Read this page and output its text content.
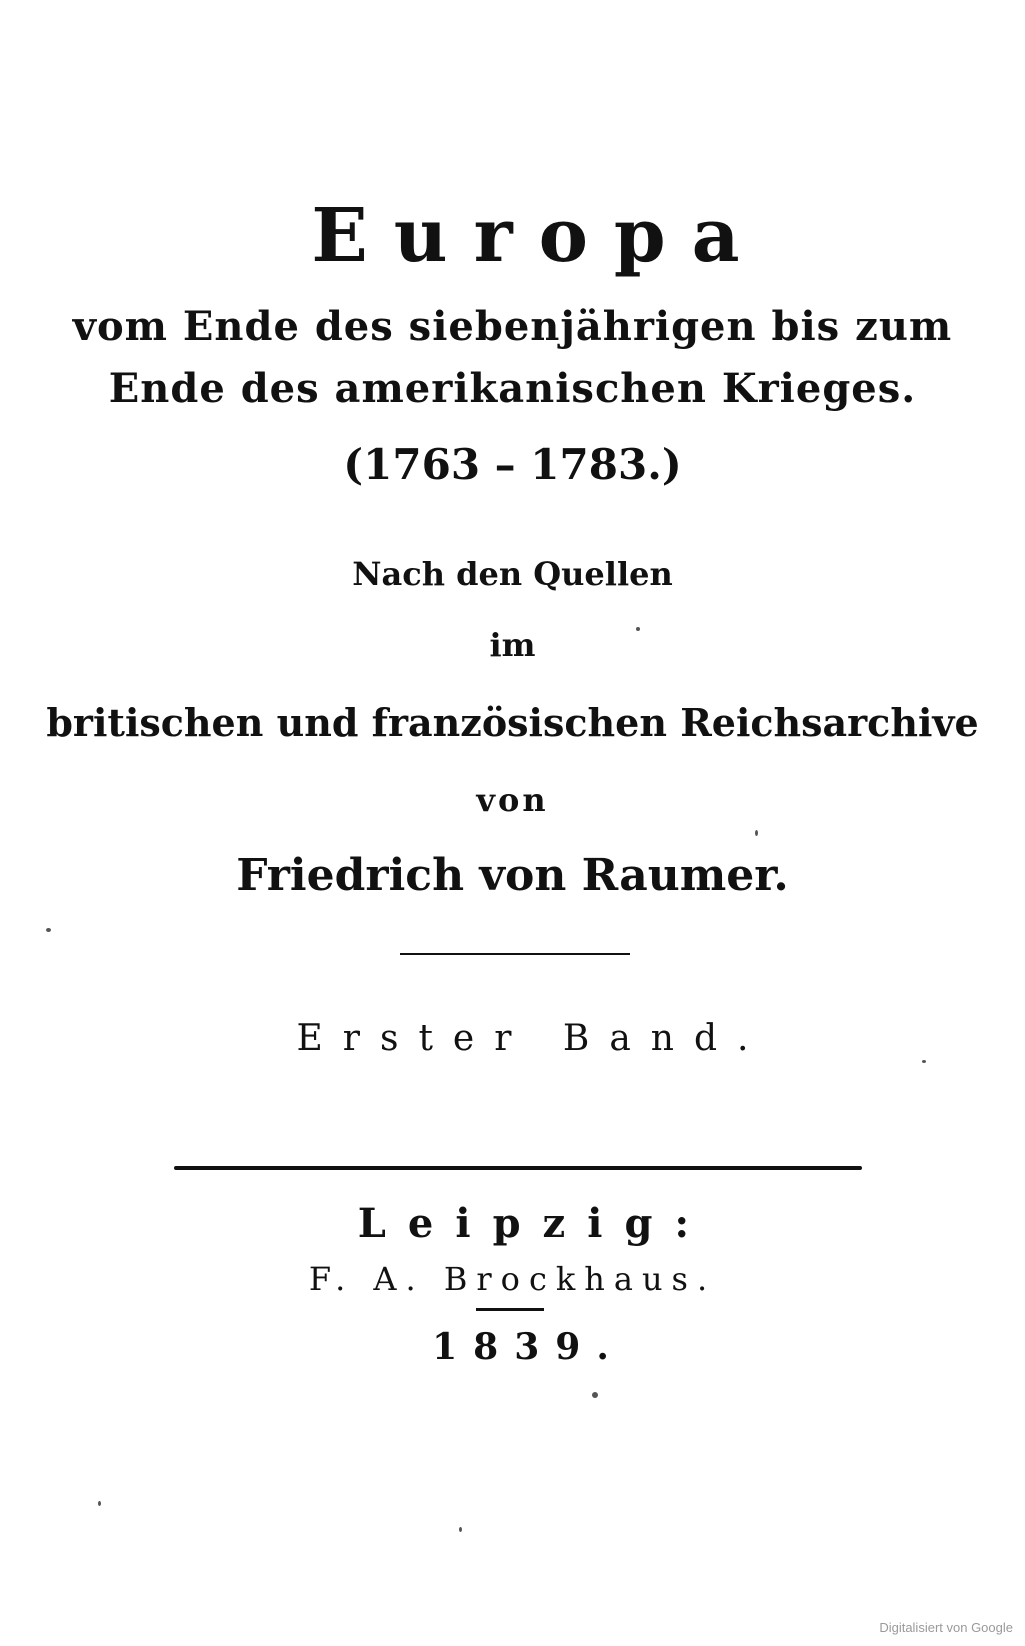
Europa
vom Ende des siebenjährigen bis zum
Ende des amerikanischen Krieges.
(1763 – 1783.)
Nach den Quellen
im
britischen und französischen Reichsarchive
von
Friedrich von Raumer.
Erster Band.
Leipzig:
F. A. Brockhaus.
1839.
Digitalisiert von Google
